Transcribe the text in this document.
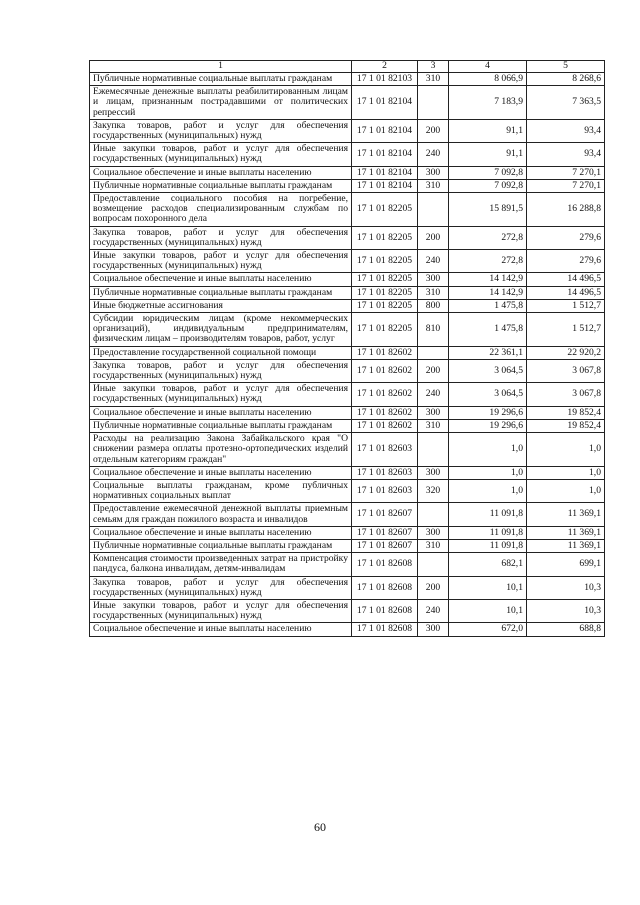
1	2	3	4	5
Публичные нормативные социальные выплаты гражданам	17 1 01 82103	310	8 066,9	8 268,6
Ежемесячные денежные выплаты реабилитированным лицам и лицам, признанным пострадавшими от политических репрессий	17 1 01 82104		7 183,9	7 363,5
Закупка товаров, работ и услуг для обеспечения государственных (муниципальных) нужд	17 1 01 82104	200	91,1	93,4
Иные закупки товаров, работ и услуг для обеспечения государственных (муниципальных) нужд	17 1 01 82104	240	91,1	93,4
Социальное обеспечение и иные выплаты населению	17 1 01 82104	300	7 092,8	7 270,1
Публичные нормативные социальные выплаты гражданам	17 1 01 82104	310	7 092,8	7 270,1
Предоставление социального пособия на погребение, возмещение расходов специализированным службам по вопросам похоронного дела	17 1 01 82205		15 891,5	16 288,8
Закупка товаров, работ и услуг для обеспечения государственных (муниципальных) нужд	17 1 01 82205	200	272,8	279,6
Иные закупки товаров, работ и услуг для обеспечения государственных (муниципальных) нужд	17 1 01 82205	240	272,8	279,6
Социальное обеспечение и иные выплаты населению	17 1 01 82205	300	14 142,9	14 496,5
Публичные нормативные социальные выплаты гражданам	17 1 01 82205	310	14 142,9	14 496,5
Иные бюджетные ассигнования	17 1 01 82205	800	1 475,8	1 512,7
Субсидии юридическим лицам (кроме некоммерческих организаций), индивидуальным предпринимателям, физическим лицам – производителям товаров, работ, услуг	17 1 01 82205	810	1 475,8	1 512,7
Предоставление государственной социальной помощи	17 1 01 82602		22 361,1	22 920,2
Закупка товаров, работ и услуг для обеспечения государственных (муниципальных) нужд	17 1 01 82602	200	3 064,5	3 067,8
Иные закупки товаров, работ и услуг для обеспечения государственных (муниципальных) нужд	17 1 01 82602	240	3 064,5	3 067,8
Социальное обеспечение и иные выплаты населению	17 1 01 82602	300	19 296,6	19 852,4
Публичные нормативные социальные выплаты гражданам	17 1 01 82602	310	19 296,6	19 852,4
Расходы на реализацию Закона Забайкальского края "О снижении размера оплаты протезно-ортопедических изделий отдельным категориям граждан"	17 1 01 82603		1,0	1,0
Социальное обеспечение и иные выплаты населению	17 1 01 82603	300	1,0	1,0
Социальные выплаты гражданам, кроме публичных нормативных социальных выплат	17 1 01 82603	320	1,0	1,0
Предоставление ежемесячной денежной выплаты приемным семьям для граждан пожилого возраста и инвалидов	17 1 01 82607		11 091,8	11 369,1
Социальное обеспечение и иные выплаты населению	17 1 01 82607	300	11 091,8	11 369,1
Публичные нормативные социальные выплаты гражданам	17 1 01 82607	310	11 091,8	11 369,1
Компенсация стоимости произведенных затрат на пристройку пандуса, балкона инвалидам, детям-инвалидам	17 1 01 82608		682,1	699,1
Закупка товаров, работ и услуг для обеспечения государственных (муниципальных) нужд	17 1 01 82608	200	10,1	10,3
Иные закупки товаров, работ и услуг для обеспечения государственных (муниципальных) нужд	17 1 01 82608	240	10,1	10,3
Социальное обеспечение и иные выплаты населению	17 1 01 82608	300	672,0	688,8
60
